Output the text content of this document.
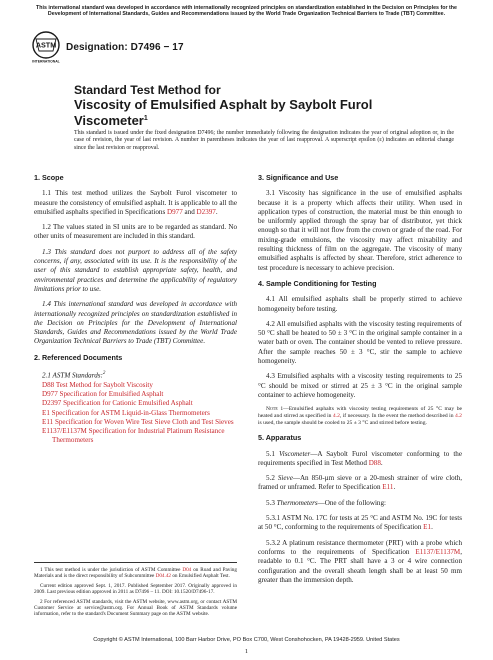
This international standard was developed in accordance with internationally recognized principles on standardization established in the Decision on Principles for the Development of International Standards, Guides and Recommendations issued by the World Trade Organization Technical Barriers to Trade (TBT) Committee.
ASTM
INTERNATIONAL
Designation: D7496 − 17
Standard Test Method for
Viscosity of Emulsified Asphalt by Saybolt Furol
Viscometer$^1$
This standard is issued under the fixed designation D7496; the number immediately following the designation indicates the year of original adoption or, in the case of revision, the year of last revision. A number in parentheses indicates the year of last reapproval. A superscript epsilon (ε) indicates an editorial change since the last revision or reapproval.
1. Scope

1.1 This test method utilizes the Saybolt Furol viscometer to measure the consistency of emulsified asphalt. It is applicable to all the emulsified asphalts specified in Specifications D977 and D2397.

1.2 The values stated in SI units are to be regarded as standard. No other units of measurement are included in this standard.

1.3 This standard does not purport to address all of the safety concerns, if any, associated with its use. It is the responsibility of the user of this standard to establish appropriate safety, health, and environmental practices and determine the applicability of regulatory limitations prior to use.

1.4 This international standard was developed in accordance with internationally recognized principles on standardization established in the Decision on Principles for the Development of International Standards, Guides and Recommendations issued by the World Trade Organization Technical Barriers to Trade (TBT) Committee.

2. Referenced Documents
2.1 ASTM Standards:$^2$
D88 Test Method for Saybolt Viscosity
D977 Specification for Emulsified Asphalt
D2397 Specification for Cationic Emulsified Asphalt
E1 Specification for ASTM Liquid-in-Glass Thermometers
E11 Specification for Woven Wire Test Sieve Cloth and Test Sieves
E1137/E1137M Specification for Industrial Platinum Resistance Thermometers
1 This test method is under the jurisdiction of ASTM Committee D04 on Road and Paving Materials and is the direct responsibility of Subcommittee D04.42 on Emulsified Asphalt Test.
Current edition approved Sept. 1, 2017. Published September 2017. Originally approved in 2009. Last previous edition approved in 2011 as D7496 – 11. DOI: 10.1520/D7496-17.
2 For referenced ASTM standards, visit the ASTM website, www.astm.org, or contact ASTM Customer Service at service@astm.org. For Annual Book of ASTM Standards volume information, refer to the standard's Document Summary page on the ASTM website.
3. Significance and Use

3.1 Viscosity has significance in the use of emulsified asphalts because it is a property which affects their utility. When used in application types of construction, the material must be thin enough to be uniformly applied through the spray bar of distributor, yet thick enough so that it will not flow from the crown or grade of the road. For mixing-grade emulsions, the viscosity may affect mixability and resulting thickness of film on the aggregate. The viscosity of many emulsified asphalts is affected by shear. Therefore, strict adherence to test procedure is necessary to achieve precision.

4. Sample Conditioning for Testing

4.1 All emulsified asphalts shall be properly stirred to achieve homogeneity before testing.

4.2 All emulsified asphalts with the viscosity testing requirements of 50 °C shall be heated to 50 ± 3 °C in the original sample container in a water bath or oven. The container should be vented to relieve pressure. After the sample reaches 50 ± 3 °C, stir the sample to achieve homogeneity.

4.3 Emulsified asphalts with a viscosity testing requirements to 25 °C should be mixed or stirred at 25 ± 3 °C in the original sample container to achieve homogeneity.

Note 1—Emulsified asphalts with viscosity testing requirements of 25 °C may be heated and stirred as specified in 4.2, if necessary. In the event the method described in 4.2 is used, the sample should be cooled to 25 ± 3 °C and stirred before testing.
5. Apparatus

5.1 Viscometer—A Saybolt Furol viscometer conforming to the requirements specified in Test Method D88.

5.2 Sieve—An 850-µm sieve or a 20-mesh strainer of wire cloth, framed or unframed. Refer to Specification E11.

5.3 Thermometers—One of the following:

5.3.1 ASTM No. 17C for tests at 25 °C and ASTM No. 19C for tests at 50 °C, conforming to the requirements of Specification E1.

5.3.2 A platinum resistance thermometer (PRT) with a probe which conforms to the requirements of Specification E1137/E1137M, readable to 0.1 °C. The PRT shall have a 3 or 4 wire connection configuration and the overall sheath length shall be at least 50 mm greater than the immersion depth.

Copyright © ASTM International, 100 Barr Harbor Drive, PO Box C700, West Conshohocken, PA 19428-2959. United States
1
